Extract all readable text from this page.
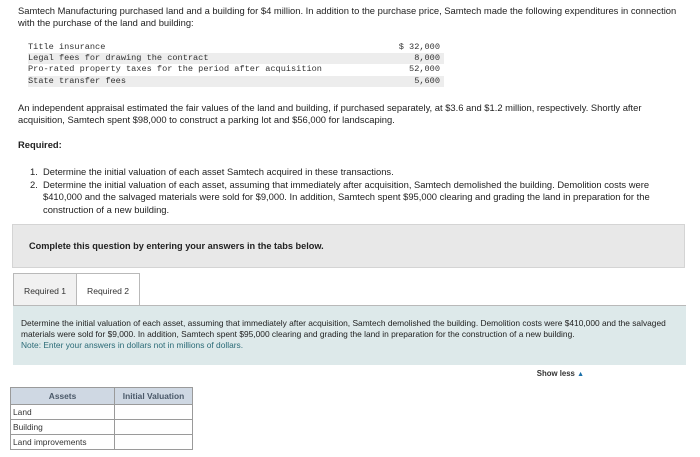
Samtech Manufacturing purchased land and a building for $4 million. In addition to the purchase price, Samtech made the following expenditures in connection with the purchase of the land and building:
Title insurance	$ 32,000
Legal fees for drawing the contract	8,000
Pro-rated property taxes for the period after acquisition	52,000
State transfer fees	5,600
An independent appraisal estimated the fair values of the land and building, if purchased separately, at $3.6 and $1.2 million, respectively. Shortly after acquisition, Samtech spent $98,000 to construct a parking lot and $56,000 for landscaping.
Required:
1. Determine the initial valuation of each asset Samtech acquired in these transactions.
2. Determine the initial valuation of each asset, assuming that immediately after acquisition, Samtech demolished the building. Demolition costs were $410,000 and the salvaged materials were sold for $9,000. In addition, Samtech spent $95,000 clearing and grading the land in preparation for the construction of a new building.
Complete this question by entering your answers in the tabs below.
Required 1	Required 2
Determine the initial valuation of each asset, assuming that immediately after acquisition, Samtech demolished the building. Demolition costs were $410,000 and the salvaged materials were sold for $9,000. In addition, Samtech spent $95,000 clearing and grading the land in preparation for the construction of a new building.
Note: Enter your answers in dollars not in millions of dollars.
Show less ▲
Assets	Initial Valuation
Land	
Building	
Land improvements	
